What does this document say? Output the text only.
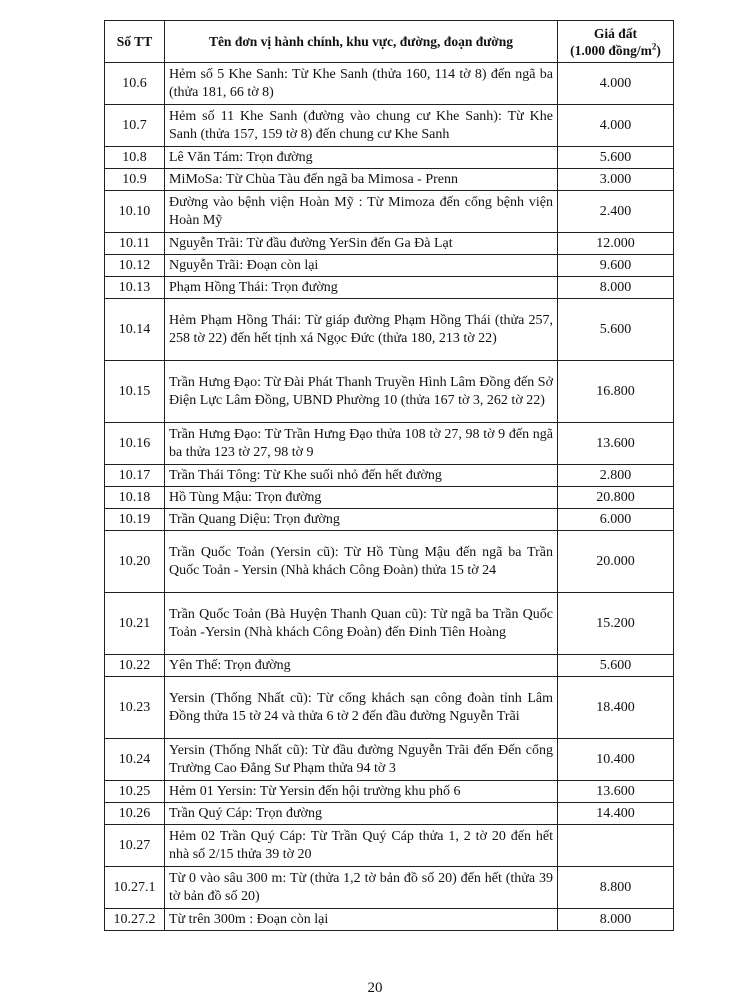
Số TT	Tên đơn vị hành chính, khu vực, đường, đoạn đường	Giá đất
(1.000 đồng/$m^2$)
10.6	Hẻm số 5 Khe Sanh: Từ Khe Sanh (thửa 160, 114 tờ 8) đến ngã ba (thửa 181, 66 tờ 8)	4.000
10.7	Hẻm số 11 Khe Sanh (đường vào chung cư Khe Sanh): Từ Khe Sanh (thửa 157, 159 tờ 8) đến chung cư Khe Sanh	4.000
10.8	Lê Văn Tám: Trọn đường	5.600
10.9	MiMoSa: Từ Chùa Tàu đến ngã ba Mimosa - Prenn	3.000
10.10	Đường vào bệnh viện Hoàn Mỹ : Từ Mimoza đến cổng bệnh viện Hoàn Mỹ	2.400
10.11	Nguyễn Trãi: Từ đầu đường YerSin đến Ga Đà Lạt	12.000
10.12	Nguyễn Trãi: Đoạn còn lại	9.600
10.13	Phạm Hồng Thái: Trọn đường	8.000
10.14	Hẻm Phạm Hồng Thái: Từ giáp đường Phạm Hồng Thái (thửa 257, 258 tờ 22) đến hết tịnh xá Ngọc Đức (thửa 180, 213 tờ 22)	5.600
10.15	Trần Hưng Đạo: Từ Đài Phát Thanh Truyền Hình Lâm Đồng đến Sở Điện Lực Lâm Đồng, UBND Phường 10 (thửa 167 tờ 3, 262 tờ 22)	16.800
10.16	Trần Hưng Đạo: Từ Trần Hưng Đạo thửa 108 tờ 27, 98 tờ 9 đến ngã ba thửa 123 tờ 27, 98 tờ 9	13.600
10.17	Trần Thái Tông: Từ Khe suối nhỏ đến hết đường	2.800
10.18	Hồ Tùng Mậu: Trọn đường	20.800
10.19	Trần Quang Diệu: Trọn đường	6.000
10.20	Trần Quốc Toản (Yersin cũ): Từ Hồ Tùng Mậu đến ngã ba Trần Quốc Toản - Yersin (Nhà khách Công Đoàn) thửa 15 tờ 24	20.000
10.21	Trần Quốc Toản (Bà Huyện Thanh Quan cũ): Từ ngã ba Trần Quốc Toản -Yersin (Nhà khách Công Đoàn) đến Đinh Tiên Hoàng	15.200
10.22	Yên Thế: Trọn đường	5.600
10.23	Yersin (Thống Nhất cũ): Từ cổng khách sạn công đoàn tỉnh Lâm Đồng thửa 15 tờ 24 và thửa 6 tờ 2 đến đầu đường Nguyễn Trãi	18.400
10.24	Yersin (Thống Nhất cũ): Từ đầu đường Nguyễn Trãi đến Đến cổng Trường Cao Đẳng Sư Phạm thửa 94 tờ 3	10.400
10.25	Hẻm 01 Yersin: Từ Yersin đến hội trường khu phố 6	13.600
10.26	Trần Quý Cáp: Trọn đường	14.400
10.27	Hẻm 02 Trần Quý Cáp: Từ Trần Quý Cáp thửa 1, 2 tờ 20 đến hết nhà số 2/15 thửa 39 tờ 20	
10.27.1	Từ 0 vào sâu 300 m: Từ (thửa 1,2 tờ bản đồ số 20) đến hết (thửa 39 tờ bản đồ số 20)	8.800
10.27.2	Từ trên 300m : Đoạn còn lại	8.000
20
